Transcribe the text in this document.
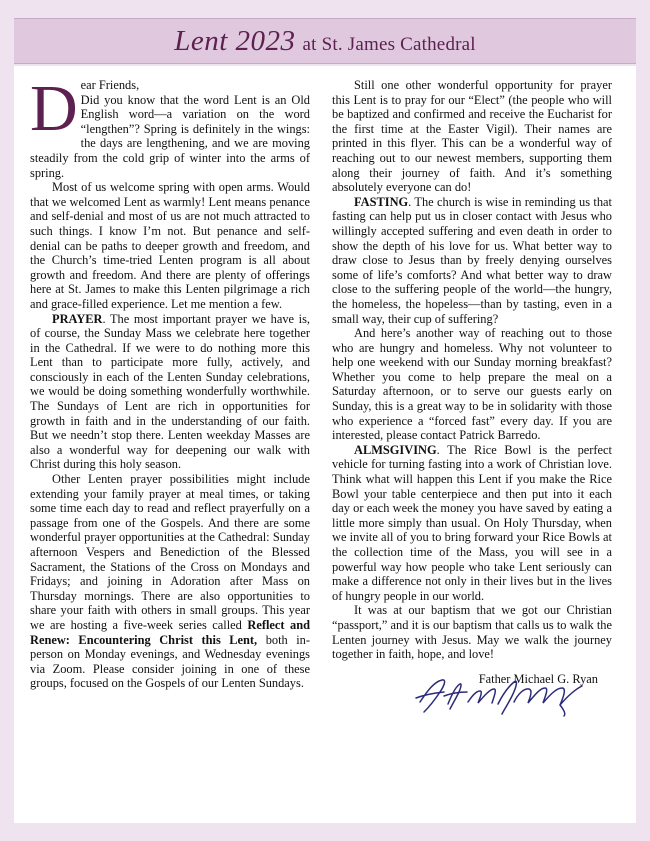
Lent 2023 at St. James Cathedral

Dear Friends,
Did you know that the word Lent is an Old English word—a variation on the word “lengthen”? Spring is definitely in the wings: the days are lengthening, and we are moving steadily from the cold grip of winter into the arms of spring.

Most of us welcome spring with open arms. Would that we welcomed Lent as warmly! Lent means penance and self-denial and most of us are not much attracted to such things. I know I’m not. But penance and self-denial can be paths to deeper growth and freedom, and the Church’s time-tried Lenten program is all about growth and freedom. And there are plenty of offerings here at St. James to make this Lenten pilgrimage a rich and grace-filled experience. Let me mention a few.

PRAYER. The most important prayer we have is, of course, the Sunday Mass we celebrate here together in the Cathedral. If we were to do nothing more this Lent than to participate more fully, actively, and consciously in each of the Lenten Sunday celebrations, we would be doing something wonderfully worthwhile. The Sundays of Lent are rich in opportunities for growth in faith and in the understanding of our faith. But we needn’t stop there. Lenten weekday Masses are also a wonderful way for deepening our walk with Christ during this holy season.

Other Lenten prayer possibilities might include extending your family prayer at meal times, or taking some time each day to read and reflect prayerfully on a passage from one of the Gospels. And there are some wonderful prayer opportunities at the Cathedral: Sunday afternoon Vespers and Benediction of the Blessed Sacrament, the Stations of the Cross on Mondays and Fridays; and joining in Adoration after Mass on Thursday mornings. There are also opportunities to share your faith with others in small groups. This year we are hosting a five-week series called Reflect and Renew: Encountering Christ this Lent, both in-person on Monday evenings, and Wednesday evenings via Zoom. Please consider joining in one of these groups, focused on the Gospels of our Lenten Sundays.

Still one other wonderful opportunity for prayer this Lent is to pray for our “Elect” (the people who will be baptized and confirmed and receive the Eucharist for the first time at the Easter Vigil). Their names are printed in this flyer. This can be a wonderful way of reaching out to our newest members, supporting them along their journey of faith. And it’s something absolutely everyone can do!

FASTING. The church is wise in reminding us that fasting can help put us in closer contact with Jesus who willingly accepted suffering and even death in order to show the depth of his love for us. What better way to draw close to Jesus than by freely denying ourselves some of life’s comforts? And what better way to draw close to the suffering people of the world—the hungry, the homeless, the hopeless—than by tasting, even in a small way, their cup of suffering?

And here’s another way of reaching out to those who are hungry and homeless. Why not volunteer to help one weekend with our Sunday morning breakfast? Whether you come to help prepare the meal on a Saturday afternoon, or to serve our guests early on Sunday, this is a great way to be in solidarity with those who experience a “forced fast” every day. If you are interested, please contact Patrick Barredo.

ALMSGIVING. The Rice Bowl is the perfect vehicle for turning fasting into a work of Christian love. Think what will happen this Lent if you make the Rice Bowl your table centerpiece and then put into it each day or each week the money you have saved by eating a little more simply than usual. On Holy Thursday, when we invite all of you to bring forward your Rice Bowls at the collection time of the Mass, you will see in a powerful way how people who take Lent seriously can make a difference not only in their lives but in the lives of hungry people in our world.

It was at our baptism that we got our Christian “passport,” and it is our baptism that calls us to walk the Lenten journey with Jesus. May we walk the journey together in faith, hope, and love!

Father Michael G. Ryan
